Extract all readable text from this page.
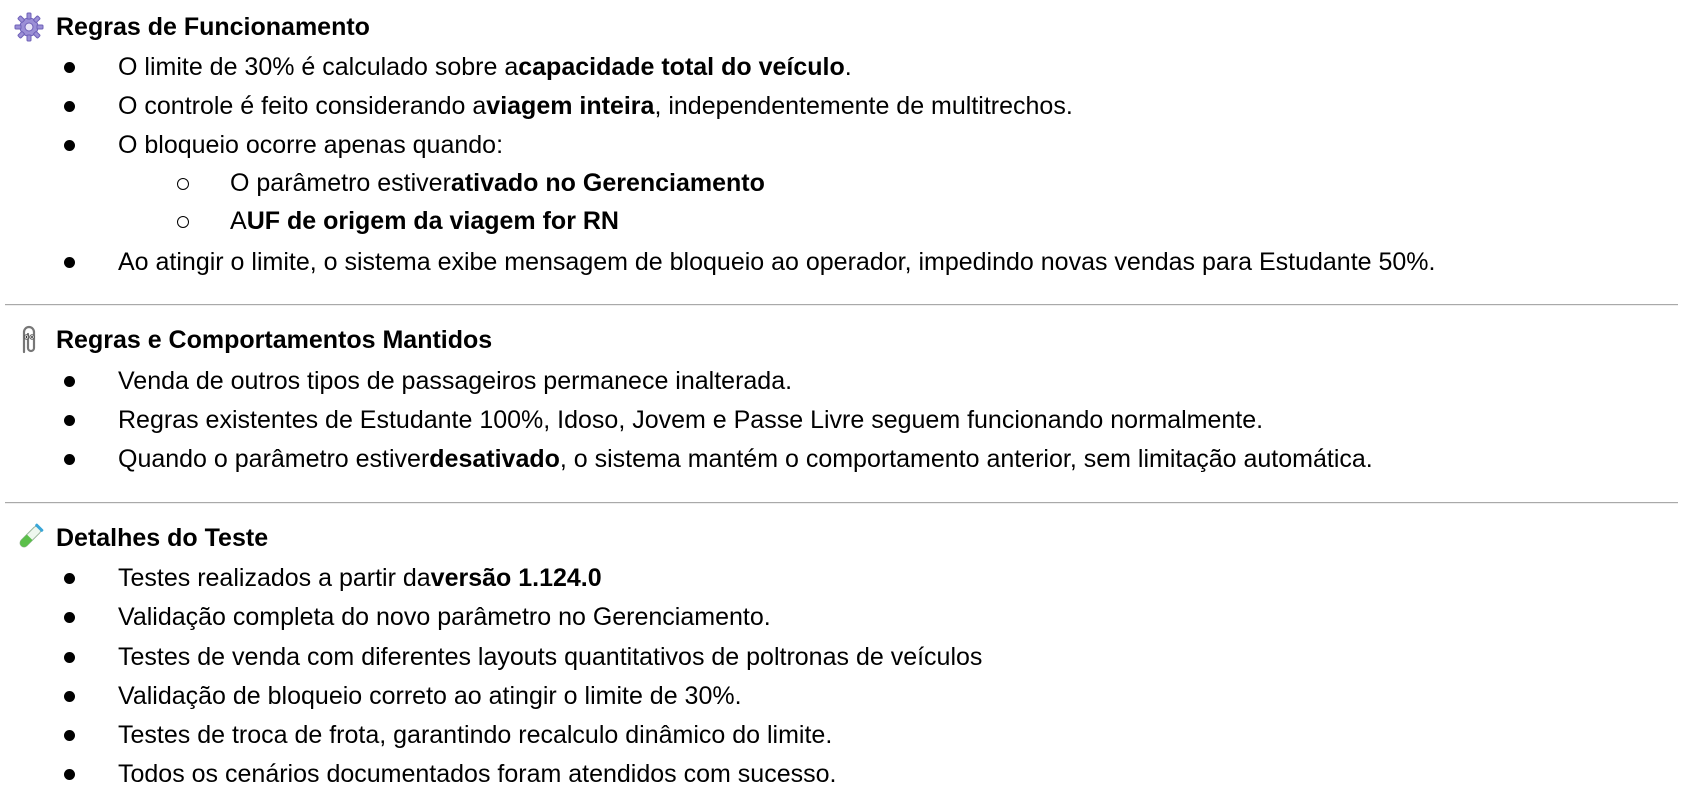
Regras de Funcionamento
O limite de 30% é calculado sobre a capacidade total do veículo .
O controle é feito considerando a viagem inteira , independentemente de multitrechos.
O bloqueio ocorre apenas quando:
O parâmetro estiver ativado no Gerenciamento
A UF de origem da viagem for RN
Ao atingir o limite, o sistema exibe mensagem de bloqueio ao operador, impedindo novas vendas para Estudante 50%.
Regras e Comportamentos Mantidos
Venda de outros tipos de passageiros permanece inalterada.
Regras existentes de Estudante 100%, Idoso, Jovem e Passe Livre seguem funcionando normalmente.
Quando o parâmetro estiver desativado , o sistema mantém o comportamento anterior, sem limitação automática.
Detalhes do Teste
Testes realizados a partir da versão 1.124.0
Validação completa do novo parâmetro no Gerenciamento.
Testes de venda com diferentes layouts quantitativos de poltronas de veículos
Validação de bloqueio correto ao atingir o limite de 30%.
Testes de troca de frota, garantindo recalculo dinâmico do limite.
Todos os cenários documentados foram atendidos com sucesso.
